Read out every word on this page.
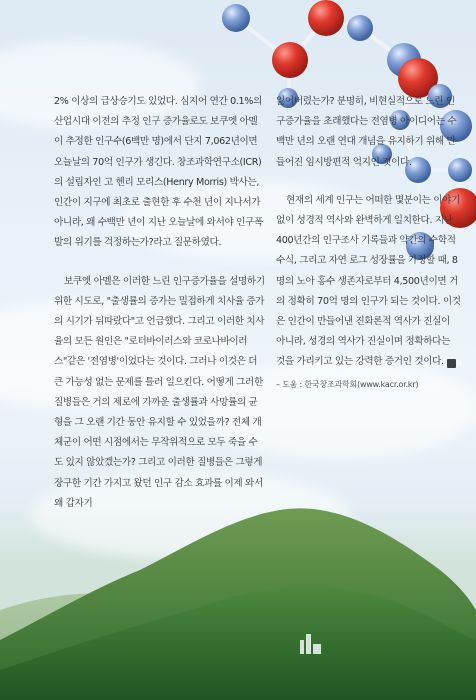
2% 이상의 급상승기도 있었다. 심지어 연간 0.1%의 산업시대 이전의 추정 인구 증가율로도 보쿠엣 아멜이 추정한 인구수(6백만 명)에서 단지 7,062년이면 오늘날의 70억 인구가 생긴다. 창조과학연구소(ICR)의 설립자인 고 헨리 모리스(Henry Morris) 박사는, 인간이 지구에 최초로 출현한 후 수천 년이 지나서가 아니라, 왜 수백만 년이 지난 오늘날에 와서야 인구폭발의 위기를 걱정하는가?라고 질문하였다.

보쿠엣 아멜은 이러한 느린 인구증가율을 설명하기 위한 시도로, "출생률의 증가는 밀접하게 치사율 증가의 시기가 뒤따랐다"고 언급했다. 그리고 이러한 치사율의 모든 원인은 "로터바이러스와 코로나바이러스"같은 '전염병'이었다는 것이다. 그러나 이것은 더 큰 가능성 없는 문제를 틀러 일으킨다. 어떻게 그러한 질병들은 거의 제로에 가까운 출생률과 사망률의 균형을 그 오랜 기간 동안 유지할 수 있었을까? 전체 개체군이 어떤 시점에서는 무작위적으로 모두 죽을 수도 있지 않았겠는가? 그리고 이러한 질병들은 그렇게 장구한 기간 가지고 왔던 인구 감소 효과를 이제 와서 왜 갑자기

잃어버렸는가? 분명히, 비현실적으로 느린 인구증가율을 초래했다는 전염병 아이디어는 수백만 년의 오랜 연대 개념을 유지하기 위해 만들어진 임시방편적 억지인 것이다.

현재의 세계 인구는 어떠한 몇분이는 이야기 없이 성경적 역사와 완벽하게 일치한다. 지난 400년간의 인구조사 기록들과 약간의 수학적 수식, 그리고 자연 로그 성장률을 가정할 때, 8명의 노아 홍수 생존자로부터 4,500년이면 거의 정확히 70억 명의 인구가 되는 것이다. 이것은 인간이 만들어낸 진화론적 역사가 진실이 아니라, 성경의 역사가 진실이며 정확하다는 것을 가리키고 있는 강력한 증거인 것이다. N

– 도움 : 한국창조과학회(www.kacr.or.kr)
